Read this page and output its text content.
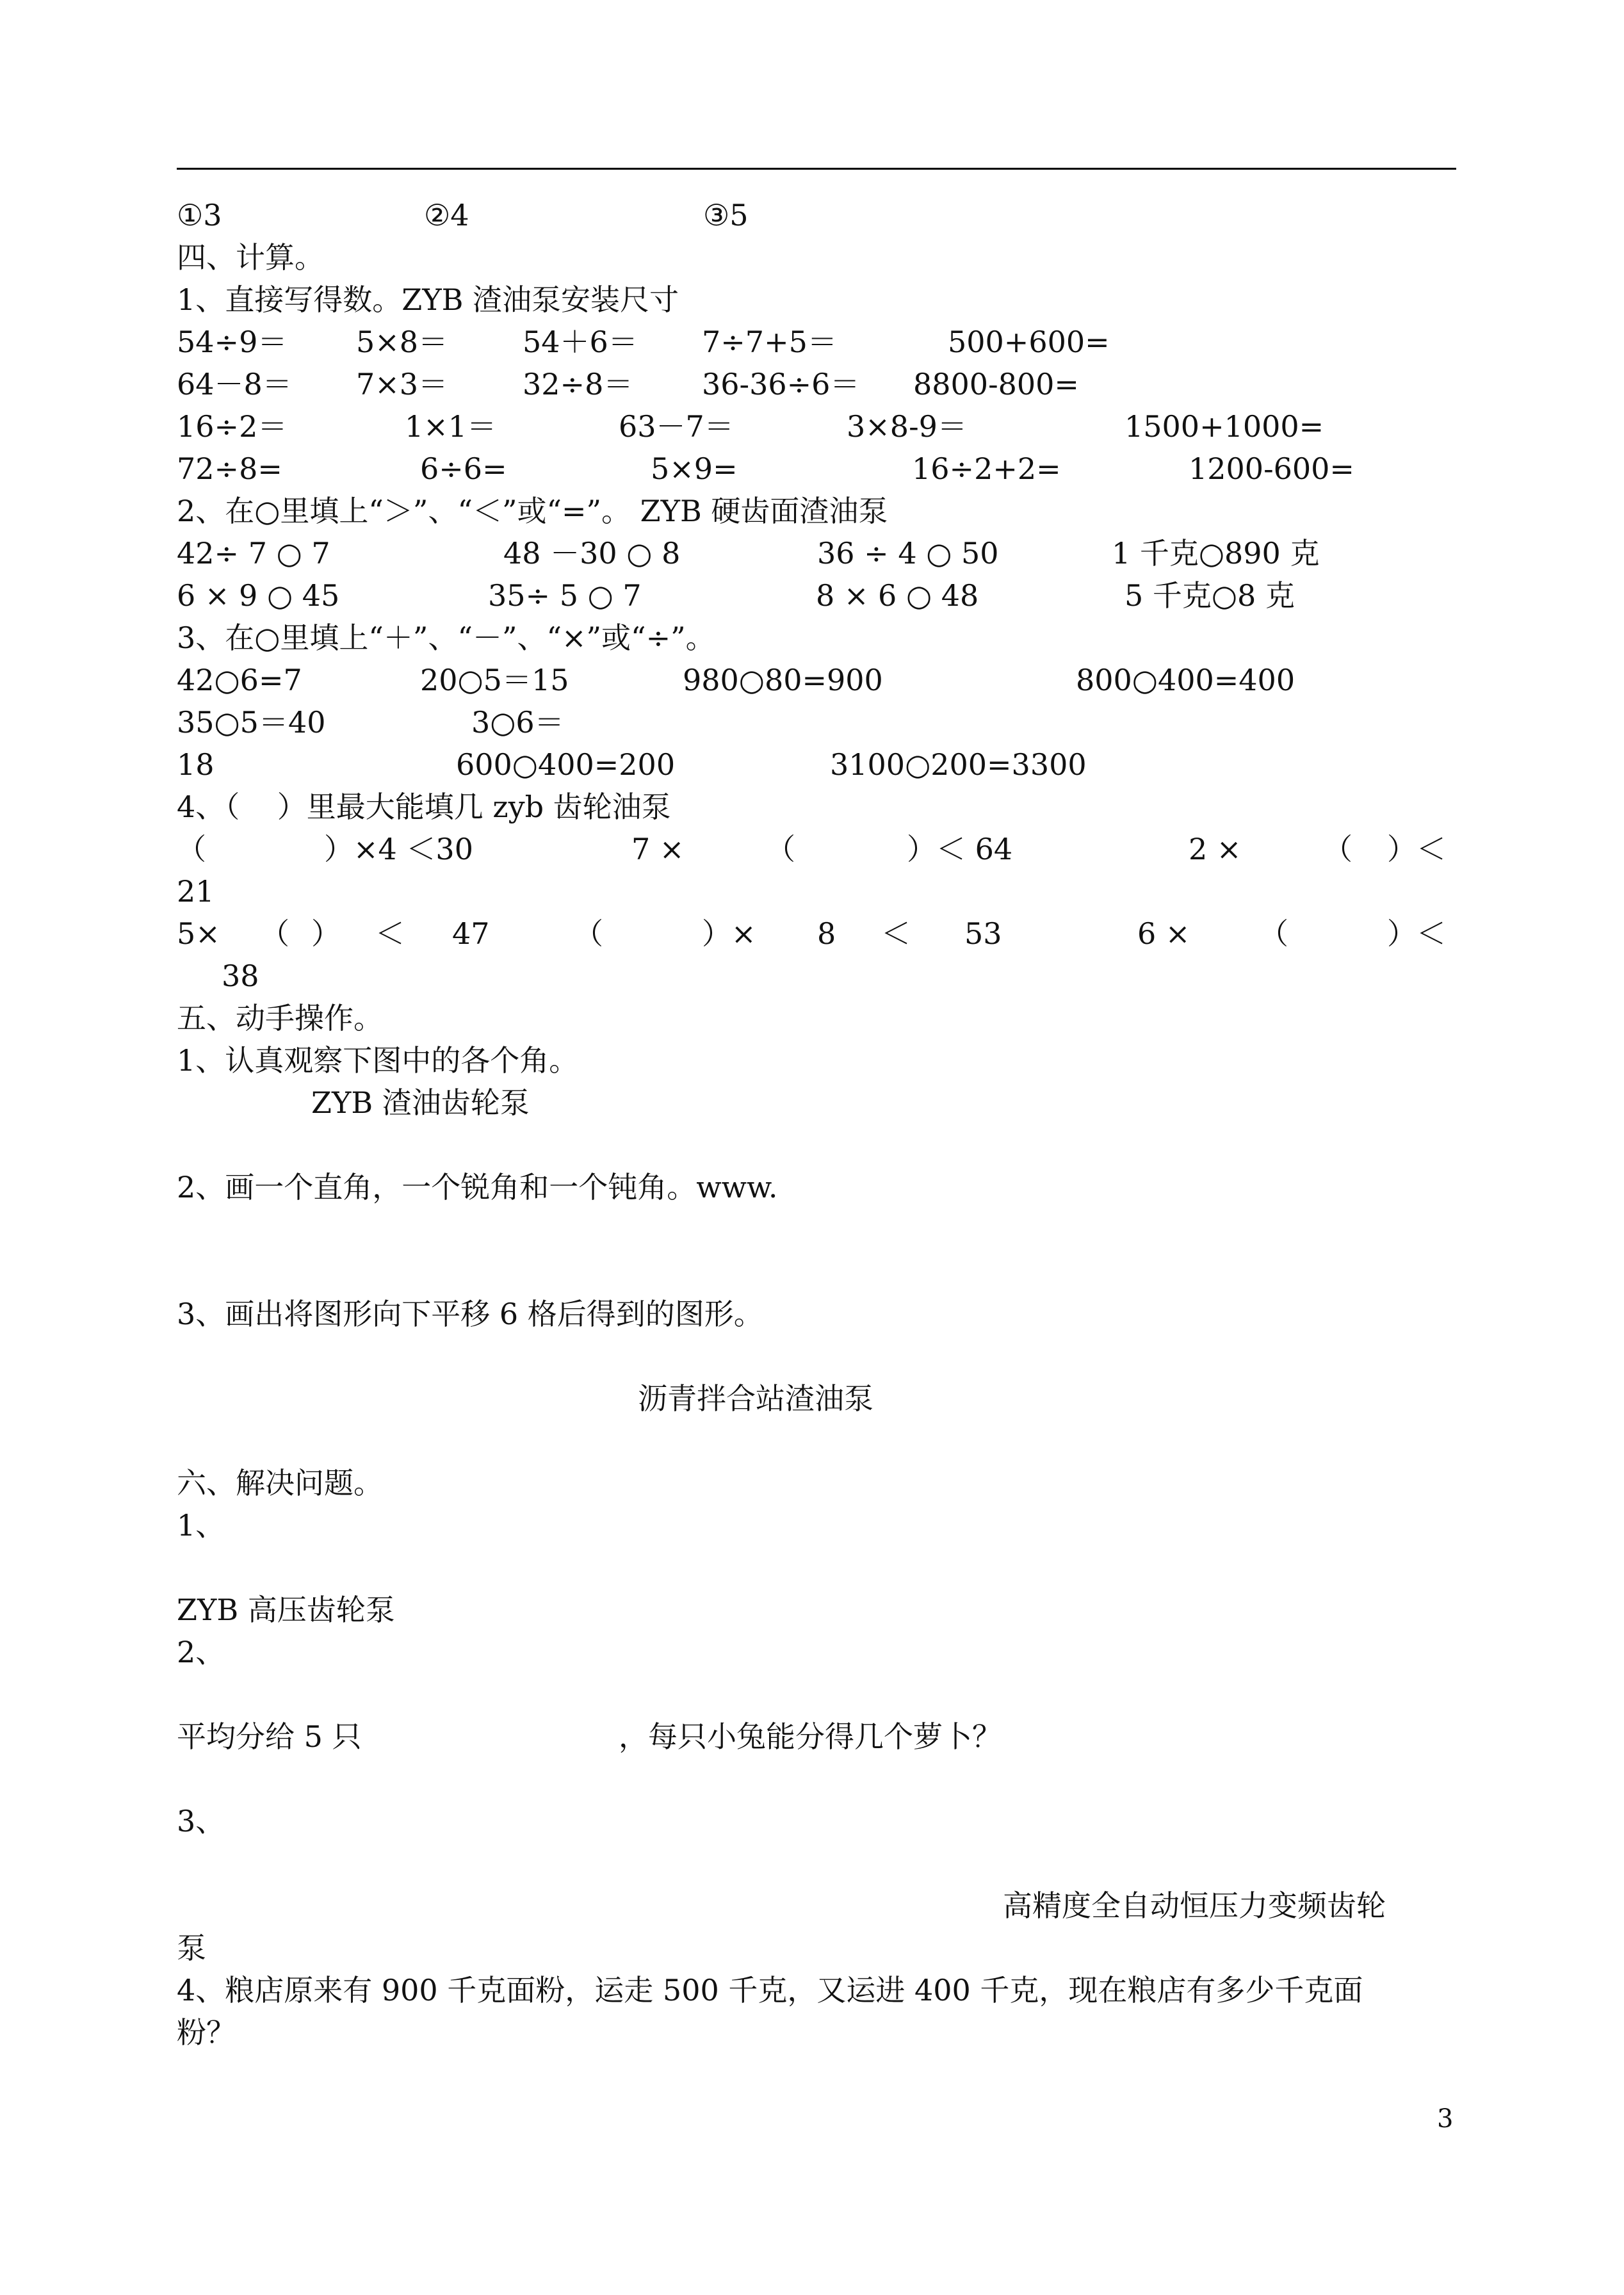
①3	②4	③5
四、计算。
1、直接写得数。ZYB 渣油泵安装尺寸
54÷9＝ 5×8＝	54＋6＝ 7÷7+5＝	500+600=
64－8＝ 7×3＝	32÷8＝ 36-36÷6＝ 8800-800=
16÷2＝	1×1＝	63－7＝	3×8-9＝	1500+1000=
72÷8=	6÷6=	5×9=	16÷2+2=	1200-600=
2、在○里填上“＞”、“＜”或“=”。 ZYB 硬齿面渣油泵
42÷ 7 ○ 7	48 －30 ○ 8	36 ÷ 4 ○ 50	1 千克○890 克
6 × 9 ○ 45	35÷ 5 ○ 7	8 × 6 ○ 48	5 千克○8 克
3、在○里填上“＋”、“－”、“×”或“÷”。
42○6=7	20○5＝15	980○80=900	800○400=400
35○5＝40	3○6＝
18	600○400=200	3100○200=3300
4、（    ）里最大能填几 zyb 齿轮油泵
（	）×4 ＜30	7 ×	（	）＜ 64	2 ×	（ ）＜
21
5× （ ） ＜ 47	（	）× 8 ＜ 53	6 × （	）＜
38
五、动手操作。
1、认真观察下图中的各个角。
ZYB 渣油齿轮泵
2、画一个直角，一个锐角和一个钝角。www.
3、画出将图形向下平移 6 格后得到的图形。
沥青拌合站渣油泵
六、解决问题。
1、
ZYB 高压齿轮泵
2、
平均分给 5 只	，每只小兔能分得几个萝卜？
3、
高精度全自动恒压力变频齿轮
泵
4、粮店原来有 900 千克面粉，运走 500 千克，又运进 400 千克，现在粮店有多少千克面
粉？
3
